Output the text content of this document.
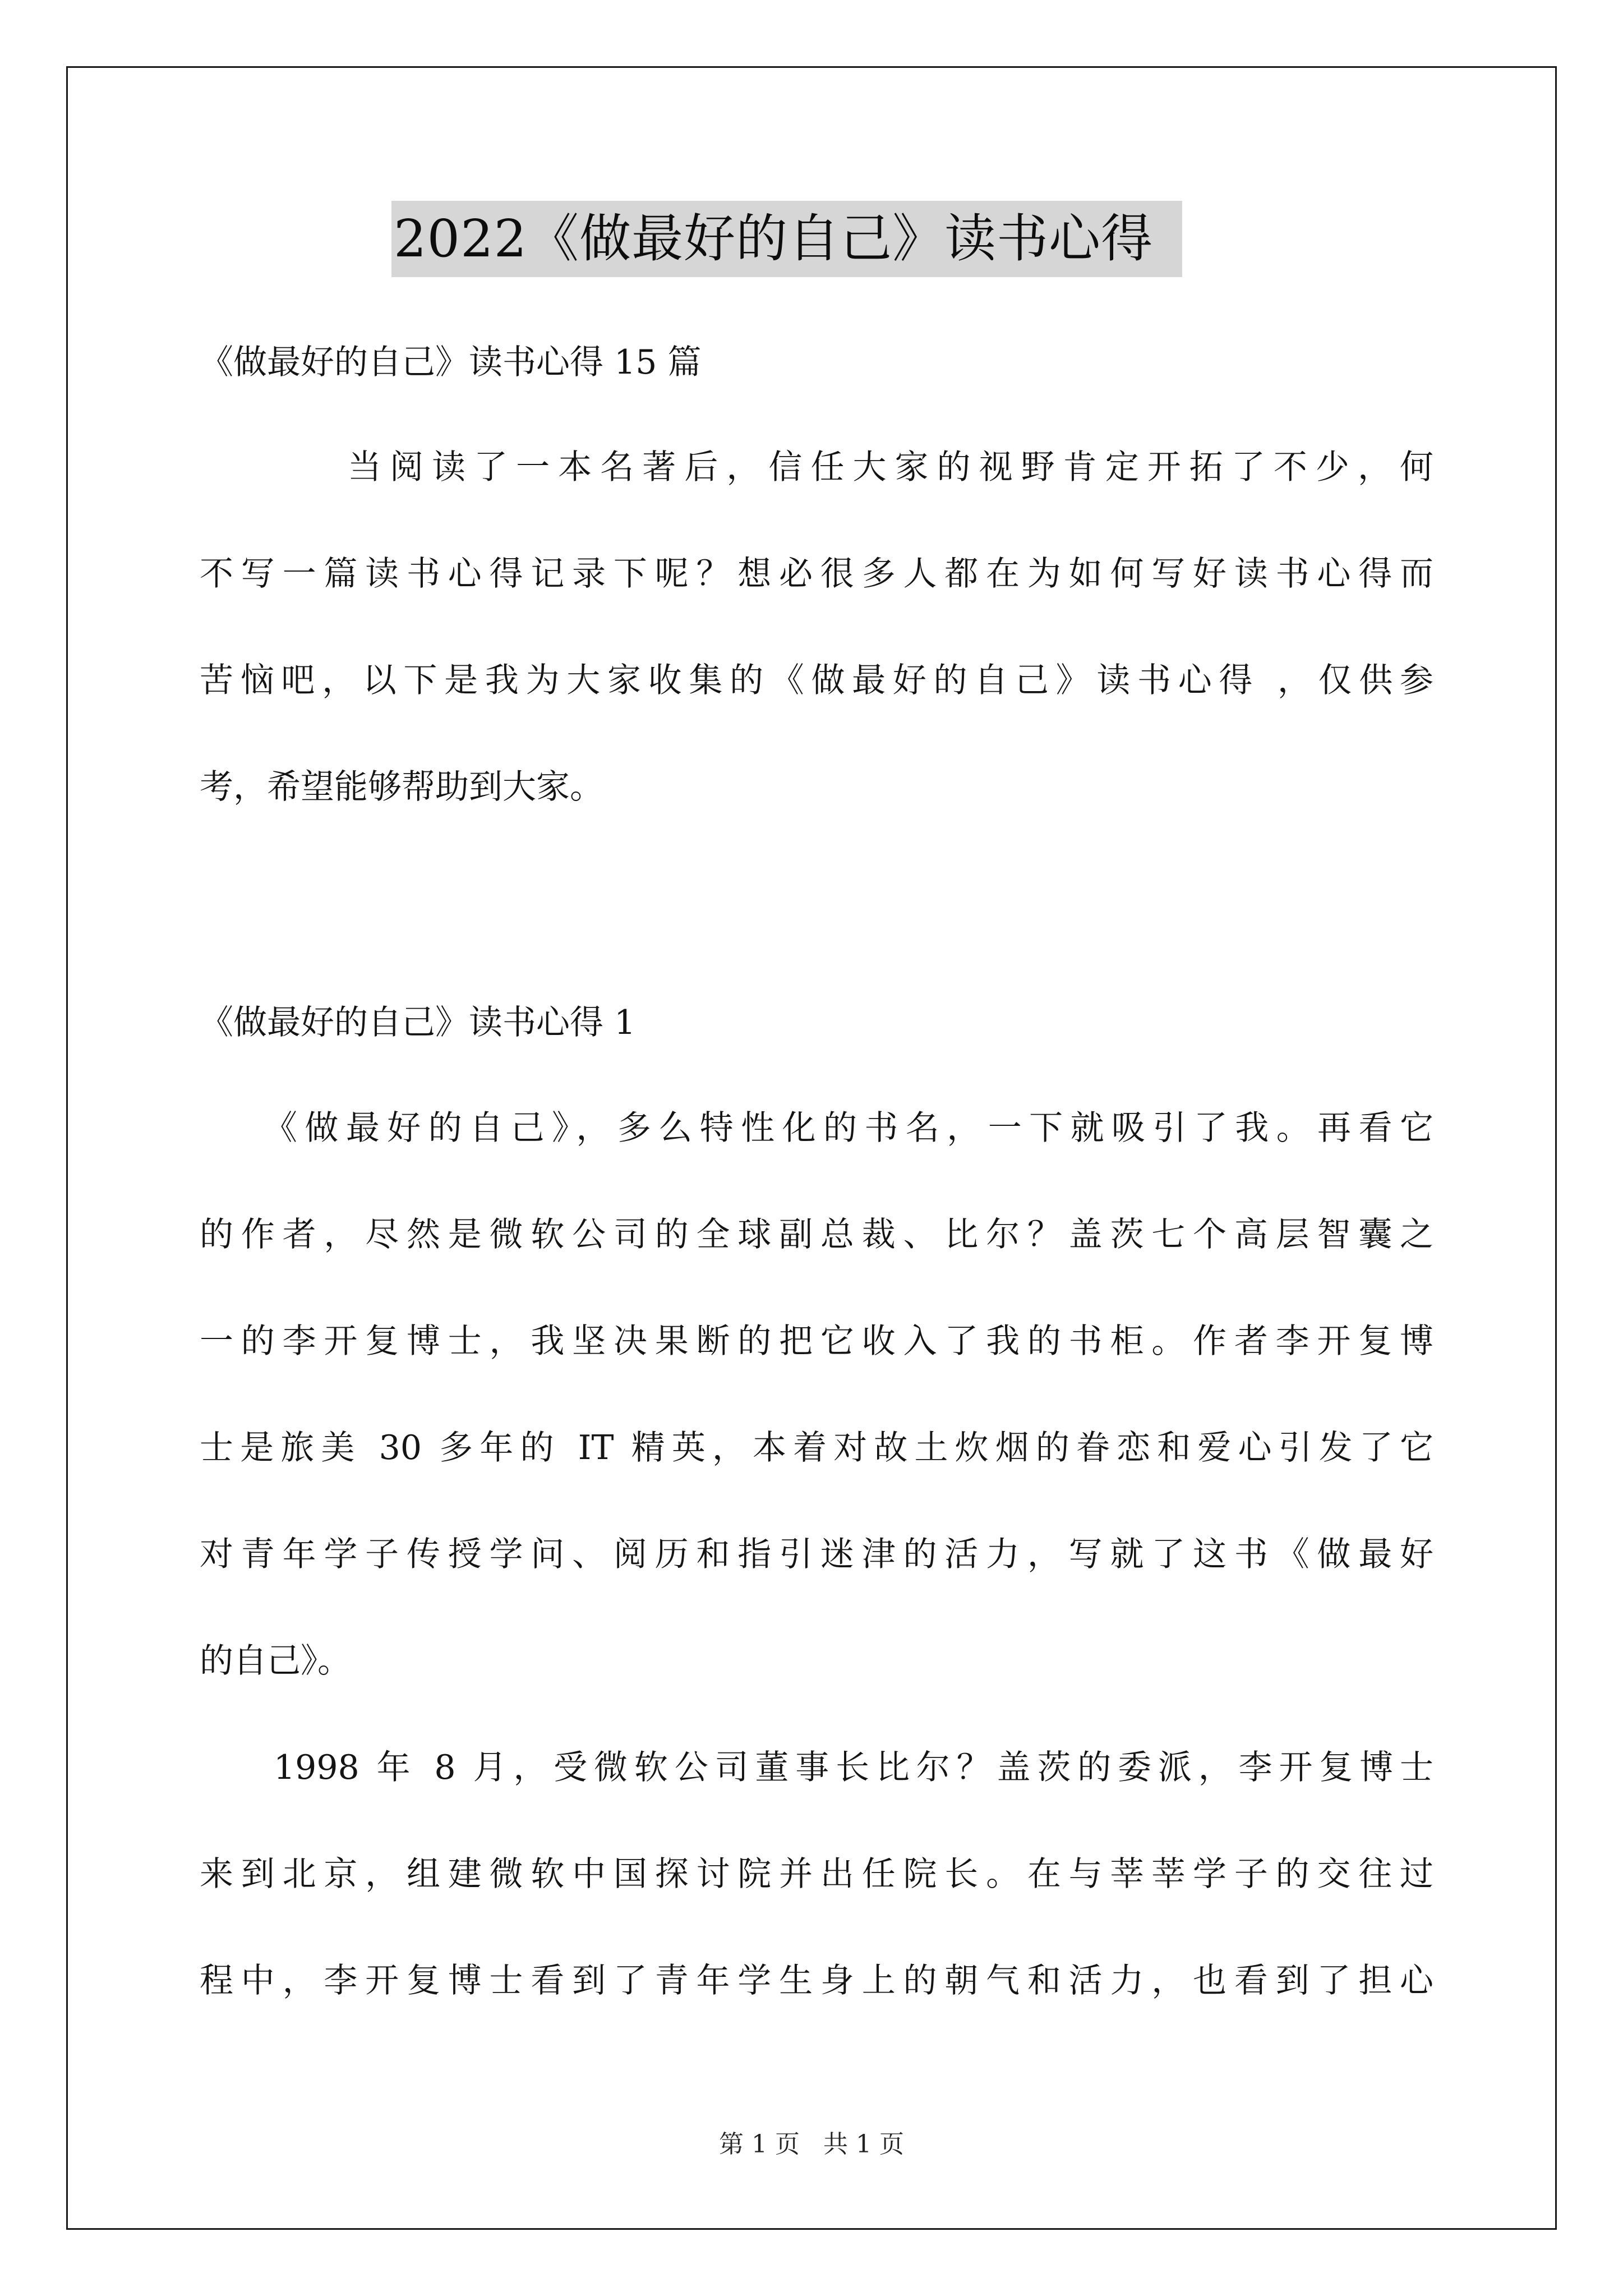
2022《做最好的自己》读书心得
《做最好的自己》读书心得 15 篇
当阅读了一本名著后，信任大家的视野肯定开拓了不少，何
不写一篇读书心得记录下呢？想必很多人都在为如何写好读书心得而
苦恼吧，以下是我为大家收集的《做最好的自己》读书心得 ，仅供参
考，希望能够帮助到大家。
《做最好的自己》读书心得 1
《做最好的自己》，多么特性化的书名，一下就吸引了我。再看它
的作者，尽然是微软公司的全球副总裁、比尔？盖茨七个高层智囊之
一的李开复博士，我坚决果断的把它收入了我的书柜。作者李开复博
士是旅美 30 多年的 IT 精英，本着对故土炊烟的眷恋和爱心引发了它
对青年学子传授学问、阅历和指引迷津的活力，写就了这书《做最好
的自己》。
1998 年 8 月，受微软公司董事长比尔？盖茨的委派，李开复博士
来到北京，组建微软中国探讨院并出任院长。在与莘莘学子的交往过
程中，李开复博士看到了青年学生身上的朝气和活力，也看到了担心
第 1 页   共 1 页
